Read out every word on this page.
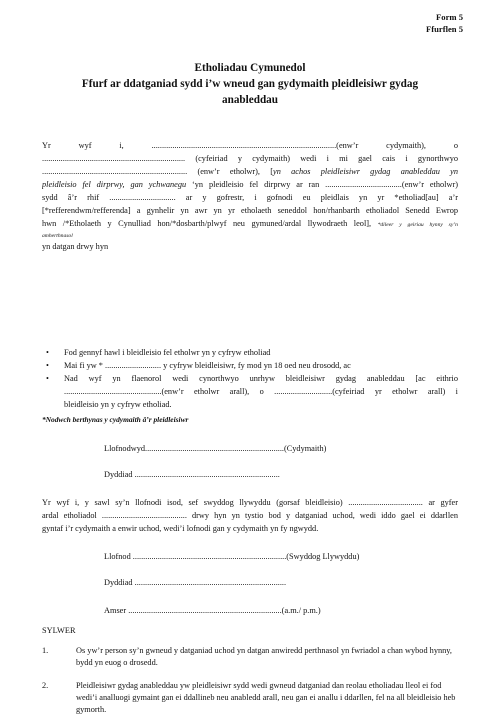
Form 5
Ffurflen 5
Etholiadau Cymunedol
Ffurf ar ddatganiad sydd i’w wneud gan gydymaith pleidleisiwr gydag
anableddau
Yr wyf i, .........................................................................................(enw’r cydymaith), o
..................................................................... (cyfeiriad y cydymaith) wedi i mi gael cais i gynorthwyo
...................................................................... (enw’r etholwr), [yn achos pleidleisiwr gydag anableddau yn
pleidleisio fel dirprwy, gan ychwanegu ‘yn pleidleisio fel dirprwy ar ran .....................................(enw’r etholwr)
sydd â’r rhif ................................ ar y gofrestr, i gofnodi eu pleidlais yn yr *etholiad[au] a’r
[*refferendwm/refferenda] a gynhelir yn awr yn yr etholaeth seneddol hon/rhanbarth etholiadol Senedd Ewrop
hwn /*Etholaeth y Cynulliad hon/*dosbarth/plwyf neu gymuned/ardal llywodraeth leol], *dileer y geiriau hynny sy’n
amherthnasol
yn datgan drwy hyn
• Fod gennyf hawl i bleidleisio fel etholwr yn y cyfryw etholiad
• Mai fi yw * ........................... y cyfryw bleidleisiwr, fy mod yn 18 oed neu drosodd, ac
• Nad wyf yn flaenorol wedi cynorthwyo unrhyw bleidleisiwr gydag anableddau [ac eithrio
...............................................(enw’r etholwr arall), o ............................(cyfeiriad yr etholwr arall) i
bleidleisio yn y cyfryw etholiad.
*Nodwch berthynas y cydymaith â’r pleidleisiwr
Llofnodwyd...................................................................(Cydymaith)
Dyddiad ......................................................................
Yr wyf i, y sawl sy’n llofnodi isod, sef swyddog llywyddu (gorsaf bleidleisio) .................................... ar gyfer
ardal etholiadol ......................................... drwy hyn yn tystio bod y datganiad uchod, wedi iddo gael ei ddarllen
gyntaf i’r cydymaith a enwir uchod, wedi’i lofnodi gan y cydymaith yn fy ngwydd.
Llofnod ..........................................................................(Swyddog Llywyddu)
Dyddiad .........................................................................
Amser ..........................................................................(a.m./ p.m.)
SYLWER
1.	Os yw’r person sy’n gwneud y datganiad uchod yn datgan anwiredd perthnasol yn fwriadol a chan wybod hynny, bydd yn euog o drosedd.
2.	Pleidleisiwr gydag anableddau yw pleidleisiwr sydd wedi gwneud datganiad dan reolau etholiadau lleol ei fod wedi’i analluogi gymaint gan ei ddallineb neu anabledd arall, neu gan ei anallu i ddarllen, fel na all bleidleisio heb gymorth.
